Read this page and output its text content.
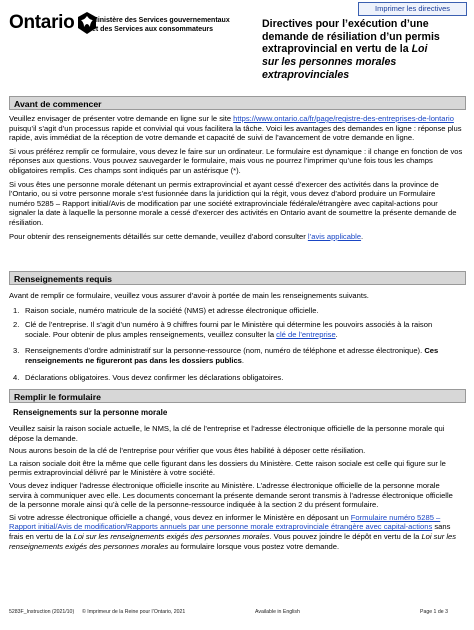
Ontario	Ministère des Services gouvernementaux
et des Services aux consommateurs
Imprimer les directives
Directives pour l’exécution d’une
demande de résiliation d’un permis
extraprovincial en vertu de la Loi
sur les personnes morales
extraprovinciales
Avant de commencer

Veuillez envisager de présenter votre demande en ligne sur le site https://www.ontario.ca/fr/page/registre-des-entreprises-de-lontario puisqu’il s’agit d’un processus rapide et convivial qui vous facilitera la tâche. Voici les avantages des demandes en ligne : réponse plus rapide, avis immédiat de la réception de votre demande et capacité de suivi de l’avancement de votre demande en ligne.

Si vous préférez remplir ce formulaire, vous devez le faire sur un ordinateur. Le formulaire est dynamique : il change en fonction de vos réponses aux questions. Vous pouvez sauvegarder le formulaire, mais vous ne pourrez l’imprimer qu’une fois tous les champs obligatoires remplis. Ces champs sont indiqués par un astérisque (*).

Si vous êtes une personne morale détenant un permis extraprovincial et ayant cessé d’exercer des activités dans la province de l’Ontario, ou si votre personne morale s’est fusionnée dans la juridiction qui la régit, vous devez d’abord produire un Formulaire numéro 5285 – Rapport initial/Avis de modification par une société extraprovinciale fédérale/étrangère avec capital-actions pour signaler la date à laquelle la personne morale a cessé d’exercer des activités en Ontario avant de soumettre la présente demande de résiliation.

Pour obtenir des renseignements détaillés sur cette demande, veuillez d’abord consulter l’avis applicable.

Renseignements requis
Avant de remplir ce formulaire, veuillez vous assurer d’avoir à portée de main les renseignements suivants.
1. Raison sociale, numéro matricule de la société (NMS) et adresse électronique officielle.
2. Clé de l’entreprise. Il s’agit d’un numéro à 9 chiffres fourni par le Ministère qui détermine les pouvoirs associés à la raison sociale. Pour obtenir de plus amples renseignements, veuillez consulter la clé de l’entreprise.
3. Renseignements d’ordre administratif sur la personne-ressource (nom, numéro de téléphone et adresse électronique). Ces renseignements ne figureront pas dans les dossiers publics.
4. Déclarations obligatoires. Vous devez confirmer les déclarations obligatoires.
Remplir le formulaire
Renseignements sur la personne morale

Veuillez saisir la raison sociale actuelle, le NMS, la clé de l’entreprise et l’adresse électronique officielle de la personne morale qui dépose la demande.

Nous aurons besoin de la clé de l’entreprise pour vérifier que vous êtes habilité à déposer cette résiliation.

La raison sociale doit être la même que celle figurant dans les dossiers du Ministère. Cette raison sociale est celle qui figure sur le permis extraprovincial délivré par le Ministère à votre société.

Vous devez indiquer l’adresse électronique officielle inscrite au Ministère. L’adresse électronique officielle de la personne morale servira à communiquer avec elle. Les documents concernant la présente demande seront transmis à l’adresse électronique officielle de la personne morale ainsi qu’à celle de la personne-ressource indiquée à la section 2 du présent formulaire.

Si votre adresse électronique officielle a changé, vous devez en informer le Ministère en déposant un Formulaire numéro 5285 – Rapport initial/Avis de modification/Rapports annuels par une personne morale extraprovinciale étrangère avec capital-actions sans frais en vertu de la Loi sur les renseignements exigés des personnes morales. Vous pouvez joindre le dépôt en vertu de la Loi sur les renseignements exigés des personnes morales au formulaire lorsque vous postez votre demande.

5283F_Instruction (2021/10) © Imprimeur de la Reine pour l’Ontario, 2021	Available in English	Page 1 de 3
